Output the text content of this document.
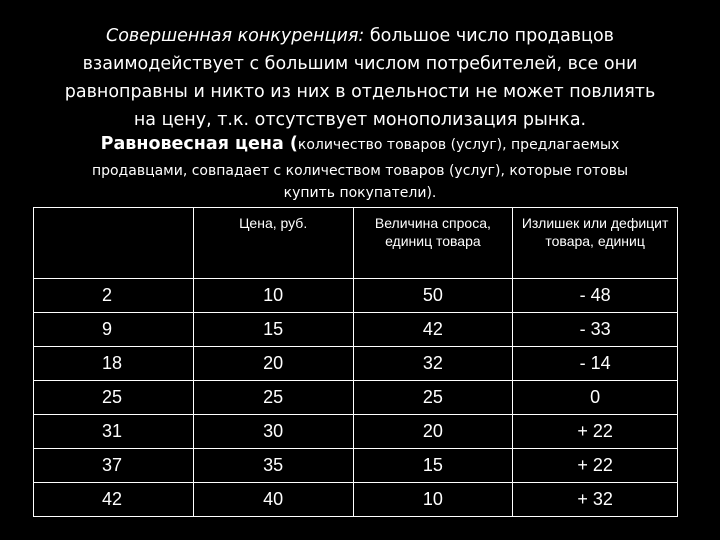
Совершенная конкуренция: большое число продавцов
взаимодействует с большим числом потребителей, все они
равноправны и никто из них в отдельности не может повлиять
на цену, т.к. отсутствует монополизация рынка.
Равновесная цена (количество товаров (услуг), предлагаемых
продавцами, совпадает с количеством товаров (услуг), которые готовы
купить покупатели).
	Цена, руб.	Величина спроса, единиц товара	Излишек или дефицит товара, единиц
2	10	50	- 48
9	15	42	- 33
18	20	32	- 14
25	25	25	0
31	30	20	+ 22
37	35	15	+ 22
42	40	10	+ 32
